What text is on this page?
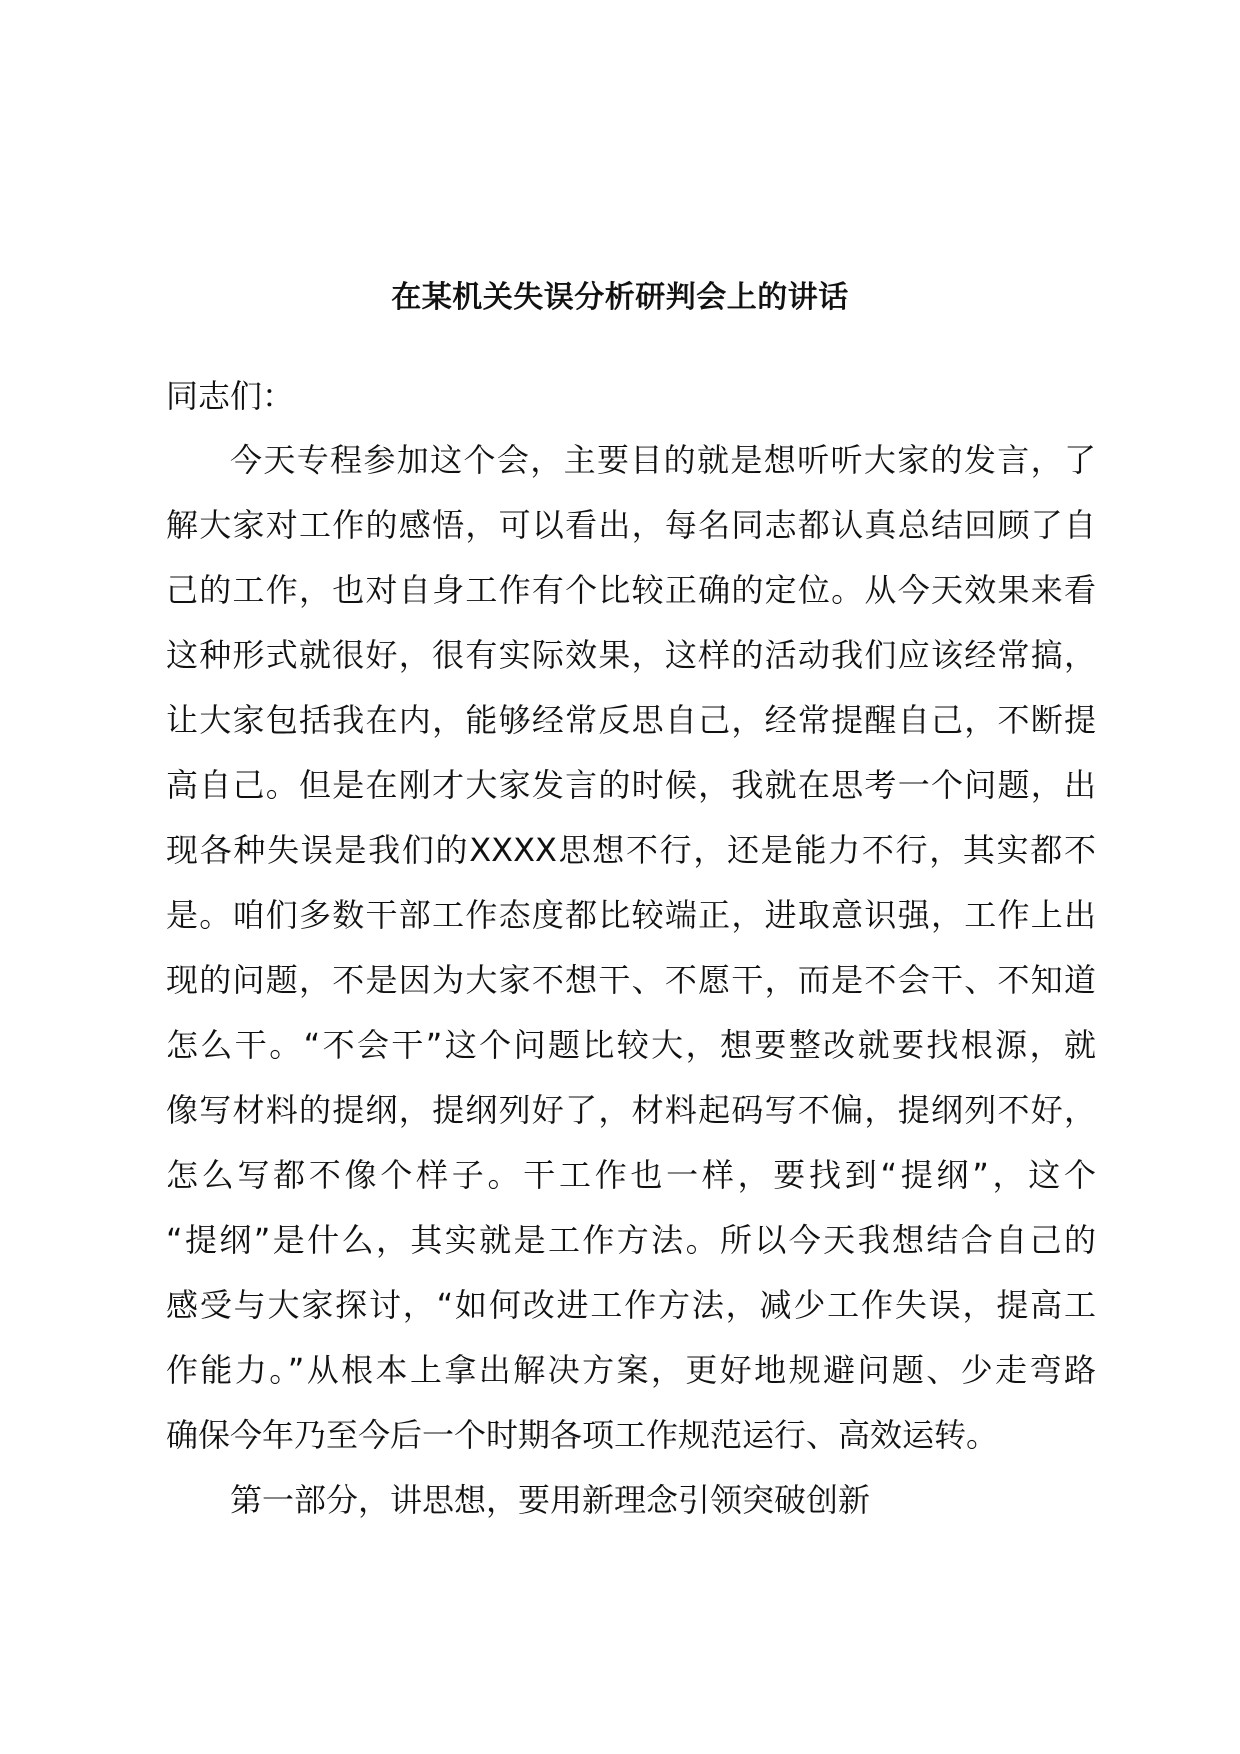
在某机关失误分析研判会上的讲话
同志们：
今天专程参加这个会，主要目的就是想听听大家的发言，了
解大家对工作的感悟，可以看出，每名同志都认真总结回顾了自
己的工作，也对自身工作有个比较正确的定位。从今天效果来看
这种形式就很好，很有实际效果，这样的活动我们应该经常搞，
让大家包括我在内，能够经常反思自己，经常提醒自己，不断提
高自己。但是在刚才大家发言的时候，我就在思考一个问题，出
现各种失误是我们的XXXX思想不行，还是能力不行，其实都不
是。咱们多数干部工作态度都比较端正，进取意识强，工作上出
现的问题，不是因为大家不想干、不愿干，而是不会干、不知道
怎么干。“不会干”这个问题比较大，想要整改就要找根源，就
像写材料的提纲，提纲列好了，材料起码写不偏，提纲列不好，
怎么写都不像个样子。干工作也一样，要找到“提纲”，这个
“提纲”是什么，其实就是工作方法。所以今天我想结合自己的
感受与大家探讨，“如何改进工作方法，减少工作失误，提高工
作能力。”从根本上拿出解决方案，更好地规避问题、少走弯路
确保今年乃至今后一个时期各项工作规范运行、高效运转。
第一部分，讲思想，要用新理念引领突破创新
